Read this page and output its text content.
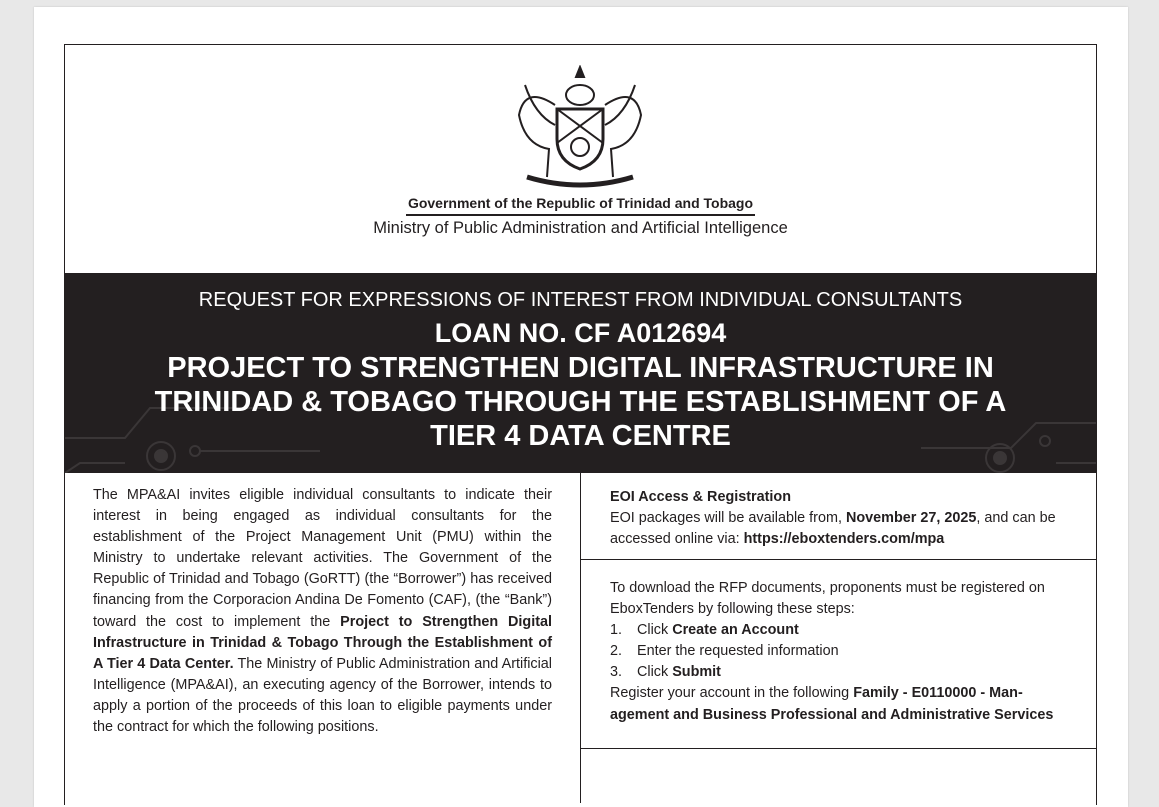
Government of the Republic of Trinidad and Tobago
Ministry of Public Administration and Artificial Intelligence
REQUEST FOR EXPRESSIONS OF INTEREST FROM INDIVIDUAL CONSULTANTS
LOAN NO. CF A012694
PROJECT TO STRENGTHEN DIGITAL INFRASTRUCTURE IN TRINIDAD & TOBAGO THROUGH THE ESTABLISHMENT OF A TIER 4 DATA CENTRE

The MPA&AI invites eligible individual consultants to indicate their interest in being engaged as individual consultants for the establishment of the Project Management Unit (PMU) within the Ministry to undertake relevant activities. The Government of the Republic of Trinidad and Tobago (GoRTT) (the “Borrower”) has received financing from the Corporacion Andina De Fomento (CAF), (the “Bank”) toward the cost to implement the Project to Strengthen Digital Infrastructure in Trinidad & Tobago Through the Establishment of A Tier 4 Data Center. The Ministry of Public Administration and Artificial Intelligence (MPA&AI), an executing agency of the Borrower, intends to apply a portion of the proceeds of this loan to eligible payments under the contract for which the following positions.

EOI Access & Registration
EOI packages will be available from, November 27, 2025, and can be accessed online via: https://eboxtenders.com/mpa
To download the RFP documents, proponents must be registered on EboxTenders by following these steps:
1. Click Create an Account
2. Enter the requested information
3. Click Submit
Register your account in the following Family - E0110000 - Management and Business Professional and Administrative Services
